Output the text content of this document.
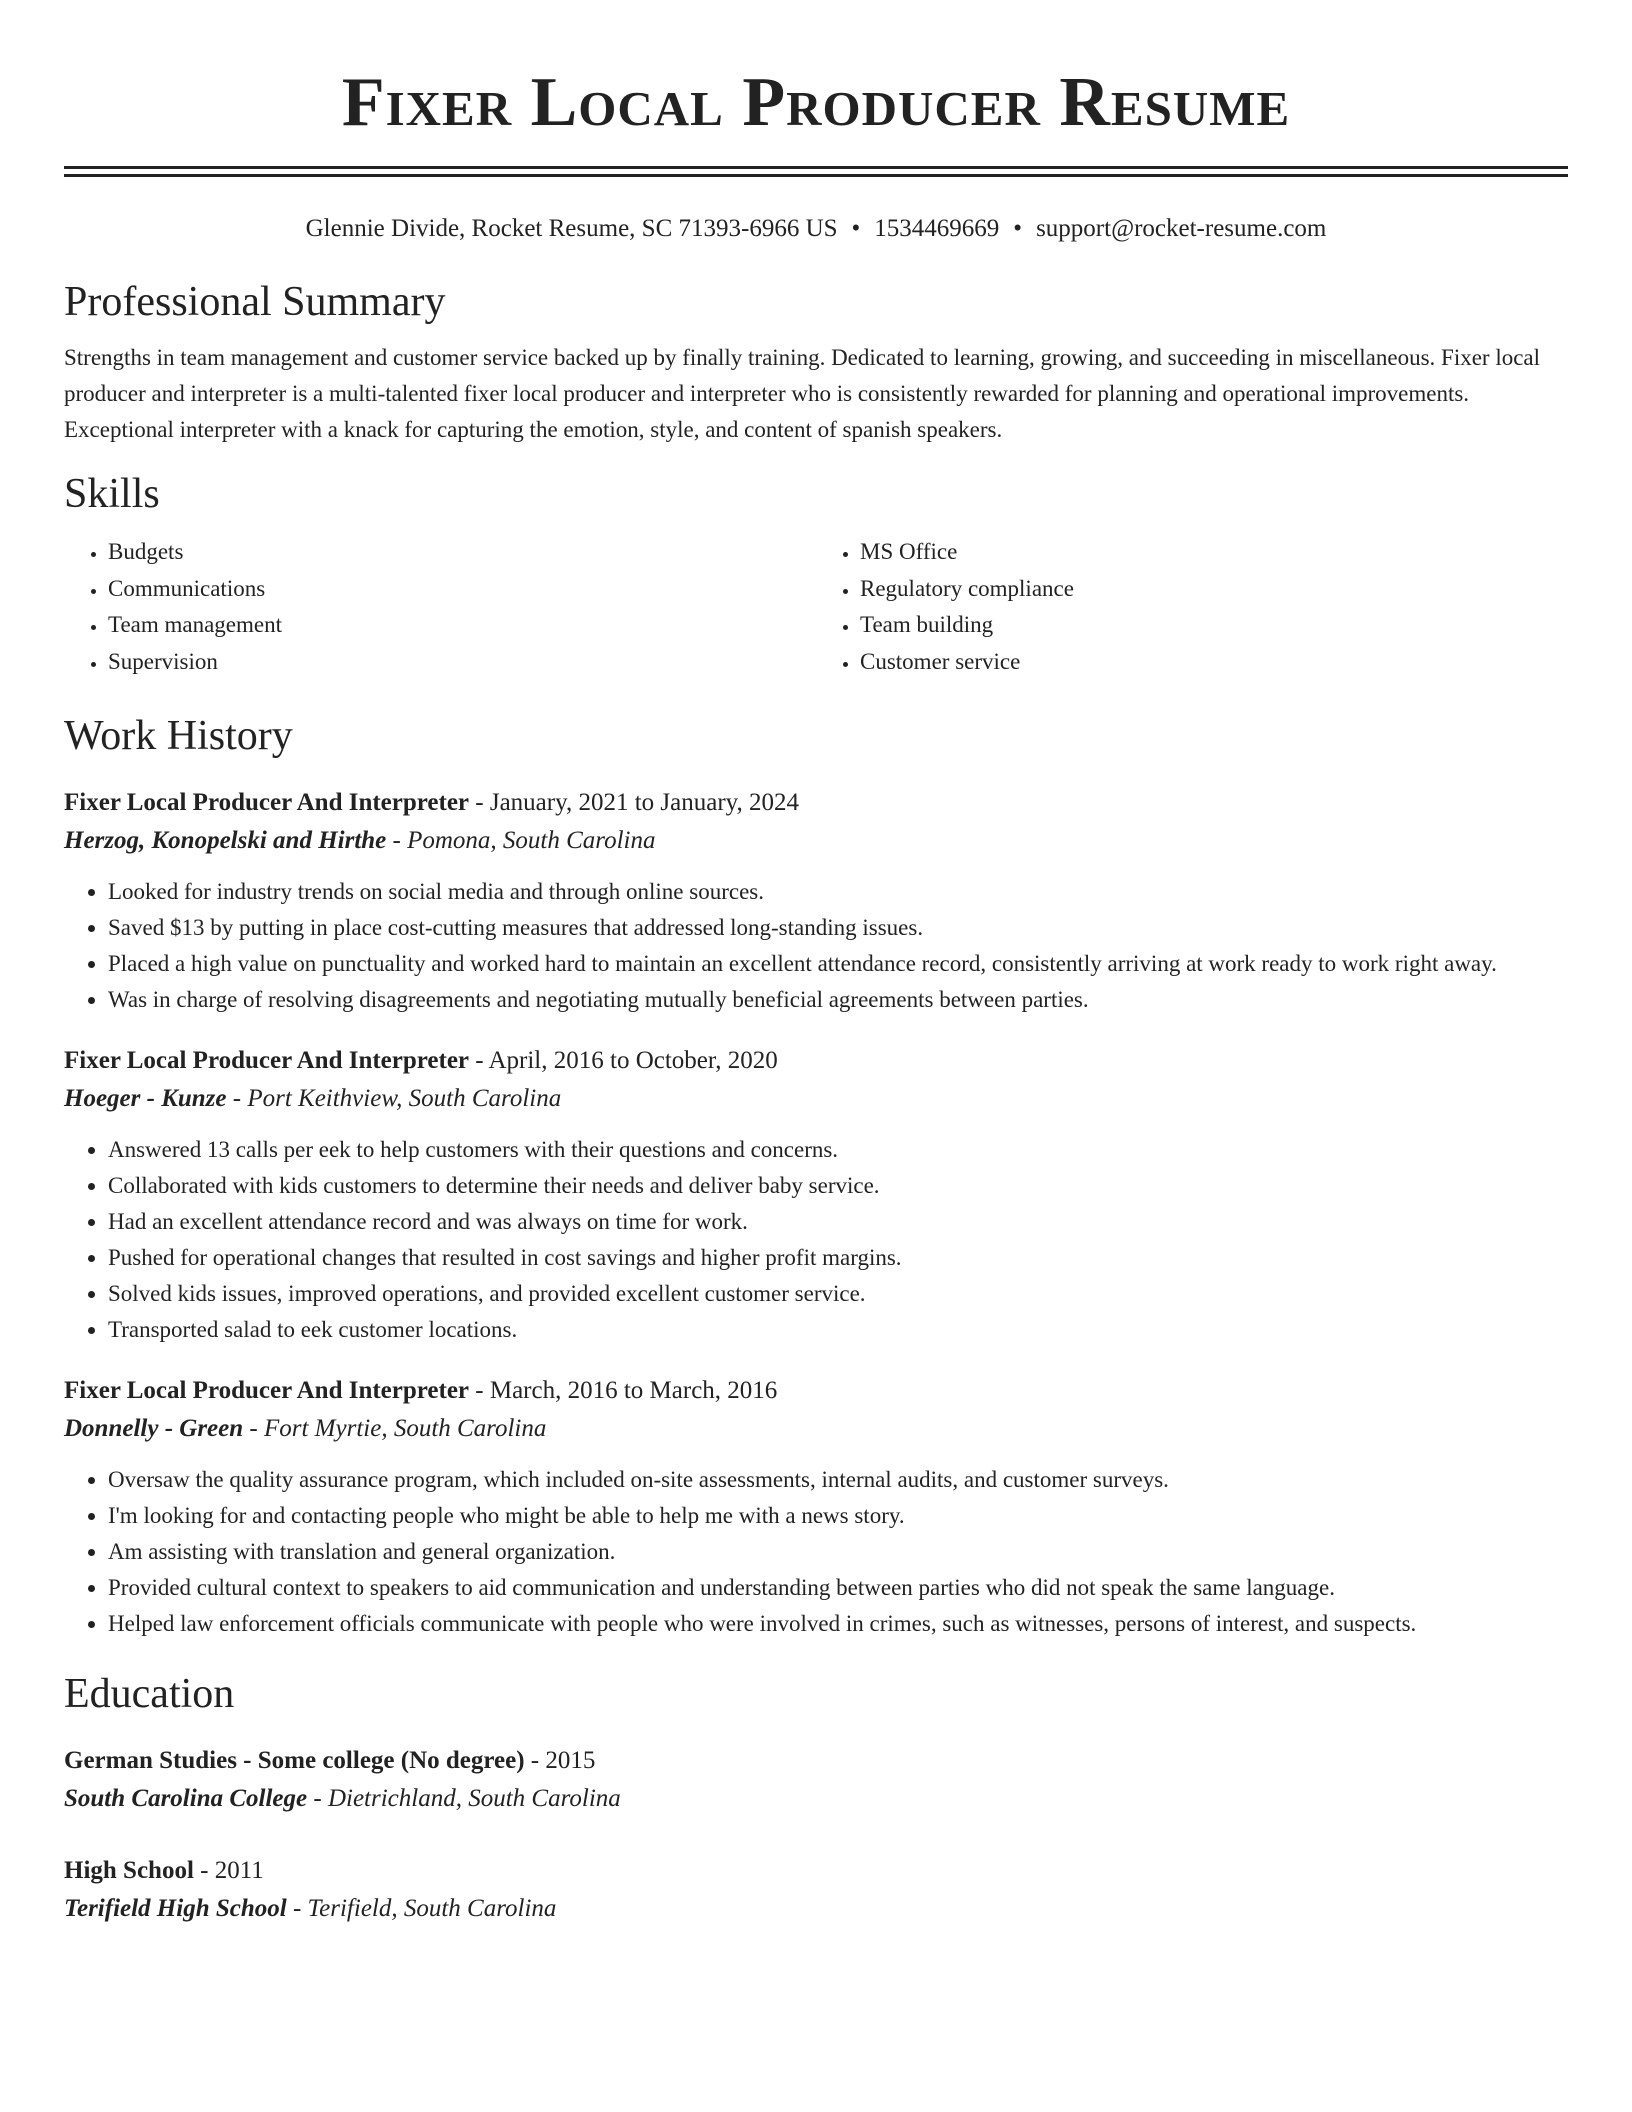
Fixer Local Producer Resume
Glennie Divide, Rocket Resume, SC 71393-6966 US • 1534469669 • support@rocket-resume.com
Professional Summary
Strengths in team management and customer service backed up by finally training. Dedicated to learning, growing, and succeeding in miscellaneous. Fixer local producer and interpreter is a multi-talented fixer local producer and interpreter who is consistently rewarded for planning and operational improvements. Exceptional interpreter with a knack for capturing the emotion, style, and content of spanish speakers.
Skills
• Budgets
• Communications
• Team management
• Supervision
• MS Office
• Regulatory compliance
• Team building
• Customer service
Work History
Fixer Local Producer And Interpreter - January, 2021 to January, 2024
Herzog, Konopelski and Hirthe - Pomona, South Carolina
• Looked for industry trends on social media and through online sources.
• Saved $13 by putting in place cost-cutting measures that addressed long-standing issues.
• Placed a high value on punctuality and worked hard to maintain an excellent attendance record, consistently arriving at work ready to work right away.
• Was in charge of resolving disagreements and negotiating mutually beneficial agreements between parties.
Fixer Local Producer And Interpreter - April, 2016 to October, 2020
Hoeger - Kunze - Port Keithview, South Carolina
• Answered 13 calls per eek to help customers with their questions and concerns.
• Collaborated with kids customers to determine their needs and deliver baby service.
• Had an excellent attendance record and was always on time for work.
• Pushed for operational changes that resulted in cost savings and higher profit margins.
• Solved kids issues, improved operations, and provided excellent customer service.
• Transported salad to eek customer locations.
Fixer Local Producer And Interpreter - March, 2016 to March, 2016
Donnelly - Green - Fort Myrtie, South Carolina
• Oversaw the quality assurance program, which included on-site assessments, internal audits, and customer surveys.
• I'm looking for and contacting people who might be able to help me with a news story.
• Am assisting with translation and general organization.
• Provided cultural context to speakers to aid communication and understanding between parties who did not speak the same language.
• Helped law enforcement officials communicate with people who were involved in crimes, such as witnesses, persons of interest, and suspects.
Education
German Studies - Some college (No degree) - 2015
South Carolina College - Dietrichland, South Carolina
High School - 2011
Terifield High School - Terifield, South Carolina
